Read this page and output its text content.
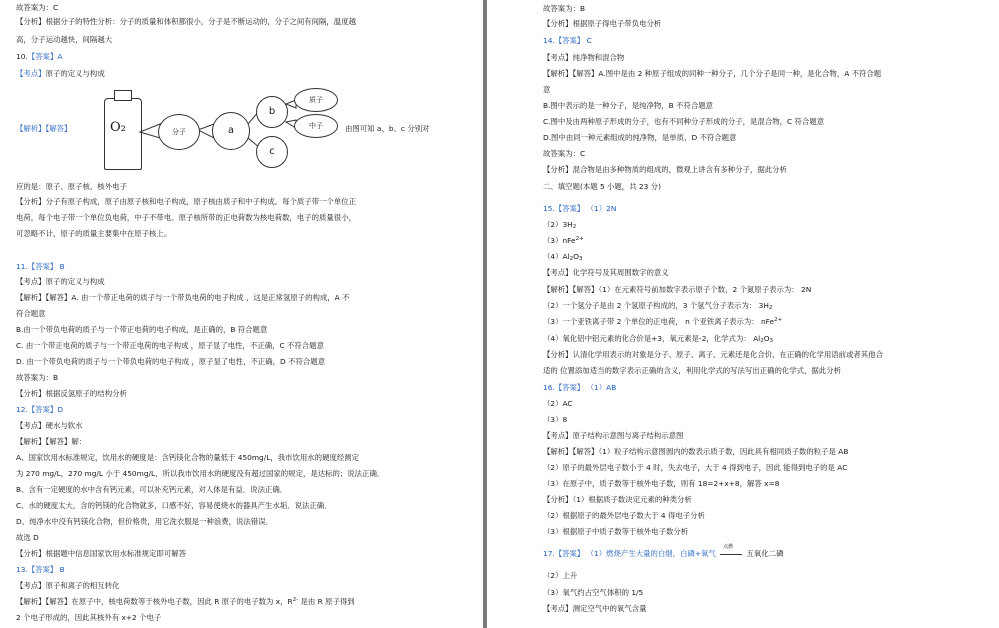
故答案为：C
【分析】根据分子的特性分析：分子的质量和体积都很小，分子是不断运动的，分子之间有间隔，温度越
高，分子运动越快，间隔越大
10.【答案】A
【考点】原子的定义与构成
O₂	分子	a
b
c
质子
中子
【解析】【解答】	由图可知 a、b、c 分别对
应的是：原子、原子核、核外电子
【分析】分子有原子构成，原子由原子核和电子构成，原子核由质子和中子构成。每个质子带一个单位正
电荷，每个电子带一个单位负电荷，中子不带电。原子核所带的正电荷数为核电荷数，电子的质量很小，
可忽略不计，原子的质量主要集中在原子核上。
11.【答案】 B
【考点】原子的定义与构成
【解析】【解答】A. 由一个带正电荷的质子与一个带负电荷的电子构成 ，这是正常氢原子的构成，A 不
符合题意
B.由一个带负电荷的质子与一个带正电荷的电子构成，是正确的，B 符合题意
C. 由一个带正电荷的质子与一个带正电荷的电子构成 ，原子显了电性，不正确，C 不符合题意
D. 由一个带负电荷的质子与一个带负电荷的电子构成 ，原子显了电性，不正确，D 不符合题意
故答案为：B
【分析】根据反氢原子的结构分析
12.【答案】D
【考点】硬水与软水
【解析】【解答】解：
A、国家饮用水标准规定，饮用水的硬度是：含钙镁化合物的量低于 450mg/L，我市饮用水的硬度经测定
为 270 mg/L，270 mg/L 小于 450mg/L，所以我市饮用水的硬度没有超过国家的规定，是达标的；说法正确．
B、含有一定硬度的水中含有钙元素，可以补充钙元素，对人体是有益．说法正确．
C、水的硬度太大，含的钙镁的化合物就多，口感不好，容易使烧水的器具产生水垢．说法正确．
D、纯净水中没有钙镁化合物，但价格贵，用它洗衣服是一种浪费，说法错误．
故选 D
【分析】根据题中信息国家饮用水标准规定即可解答
13.【答案】 B
【考点】原子和离子的相互转化
【解析】【解答】在原子中，核电荷数等于核外电子数，因此 R 原子的电子数为 x，$R^{2-}$ 是由 R 原子得到
2 个电子形成的，因此其核外有 x+2 个电子
故答案为：B
【分析】根据原子得电子带负电分析
14.【答案】 C
【考点】纯净物和混合物
【解析】【解答】A.图中是由 2 种原子组成的同种一种分子，几个分子是同一种，是化合物，A 不符合题
意
B.图中表示的是一种分子，是纯净物，B 不符合题意
C.图中及由两种原子形成的分子，也有不同种分子形成的分子，是混合物，C 符合题意
D.图中由同一种元素组成的纯净物，是单质，D 不符合题意
故答案为：C
【分析】混合物是由多种物质的组成的，微观上讲含有多种分子，据此分析
二、填空题(本题 5 小题，共 23 分)
15.【答案】 （1）2N
$(2)3H_2$
（3）nFe$^{2+}$
$(4)Al_2O_3$
【考点】化学符号及其周围数字的意义
【解析】【解答】（1）在元素符号前加数字表示原子个数，2 个氮原子表示为： 2N
（2）一个氢分子是由 2 个氢原子构成的，3 个氢气分子表示为： $3H_2$
（3）一个亚铁离子带 2 个单位的正电荷， n 个亚铁离子表示为： nFe$^{2+}$
（4）氧化铝中铝元素的化合价是+3，氧元素是-2，化学式为： $Al_2O_3$
【分析】认清化学用表示的对象是分子、原子、离子、元素还是化合价，在正确的化学用语前或者其他合
适的 位置添加适当的数字表示正确的含义，利用化学式的写法写出正确的化学式，据此分析
16.【答案】 （1）AB
（2）AC
（3）8
【考点】原子结构示意图与离子结构示意图
【解析】【解答】（1）粒子结构示意图圆内的数表示质子数，因此具有相同质子数的粒子是 AB
（2）原子的最外层电子数小于 4 时，失去电子，大于 4 得到电子，因此 能得到电子的是 AC
（3）在原子中，质子数等于核外电子数，则有 18=2+x+8，解答 x=8
【分析】（1）根据质子数决定元素的种类分析
（2）根据原子的最外层电子数大于 4 得电子分析
（3）根据原子中质子数等于核外电子数分析
17.【答案】 （1）燃烧产生大量的白烟，白磷+氧气
点燃
五氧化二磷
（2）上升
（3）氧气约占空气体积的 1/5
【考点】测定空气中的氧气含量
